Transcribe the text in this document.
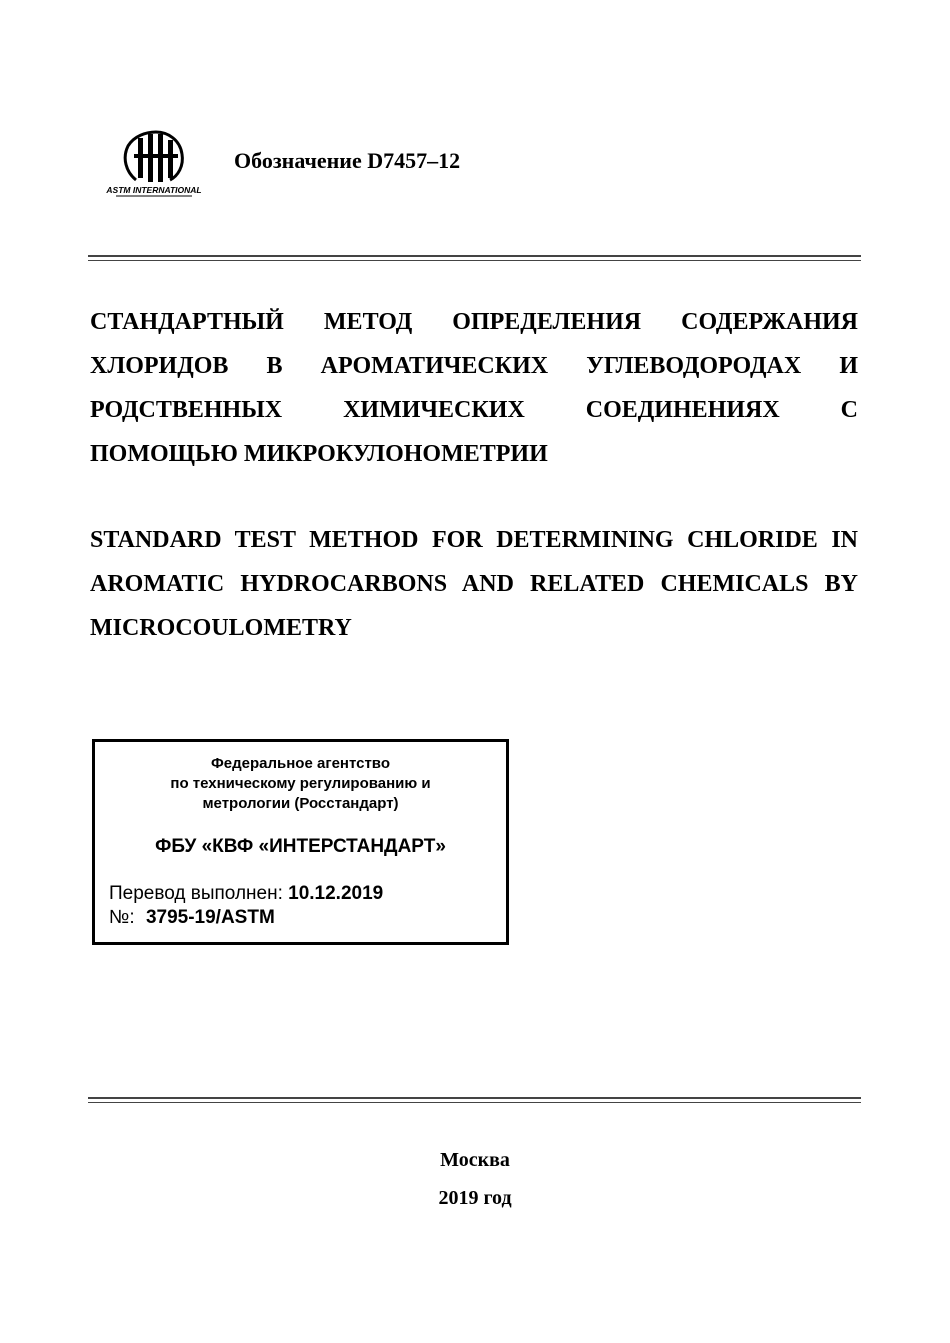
ASTM INTERNATIONAL
Обозначение D7457–12
СТАНДАРТНЫЙ МЕТОД ОПРЕДЕЛЕНИЯ СОДЕРЖАНИЯ
ХЛОРИДОВ В АРОМАТИЧЕСКИХ УГЛЕВОДОРОДАХ И
РОДСТВЕННЫХ ХИМИЧЕСКИХ СОЕДИНЕНИЯХ С
ПОМОЩЬЮ МИКРОКУЛОНОМЕТРИИ
STANDARD TEST METHOD FOR DETERMINING CHLORIDE IN
AROMATIC HYDROCARBONS AND RELATED CHEMICALS BY
MICROCOULOMETRY
Федеральное агентство
по техническому регулированию и
метрологии (Росстандарт)
ФБУ «КВФ «ИНТЕРСТАНДАРТ»
Перевод выполнен: 10.12.2019
№: 3795-19/ASTM
Москва
2019 год
